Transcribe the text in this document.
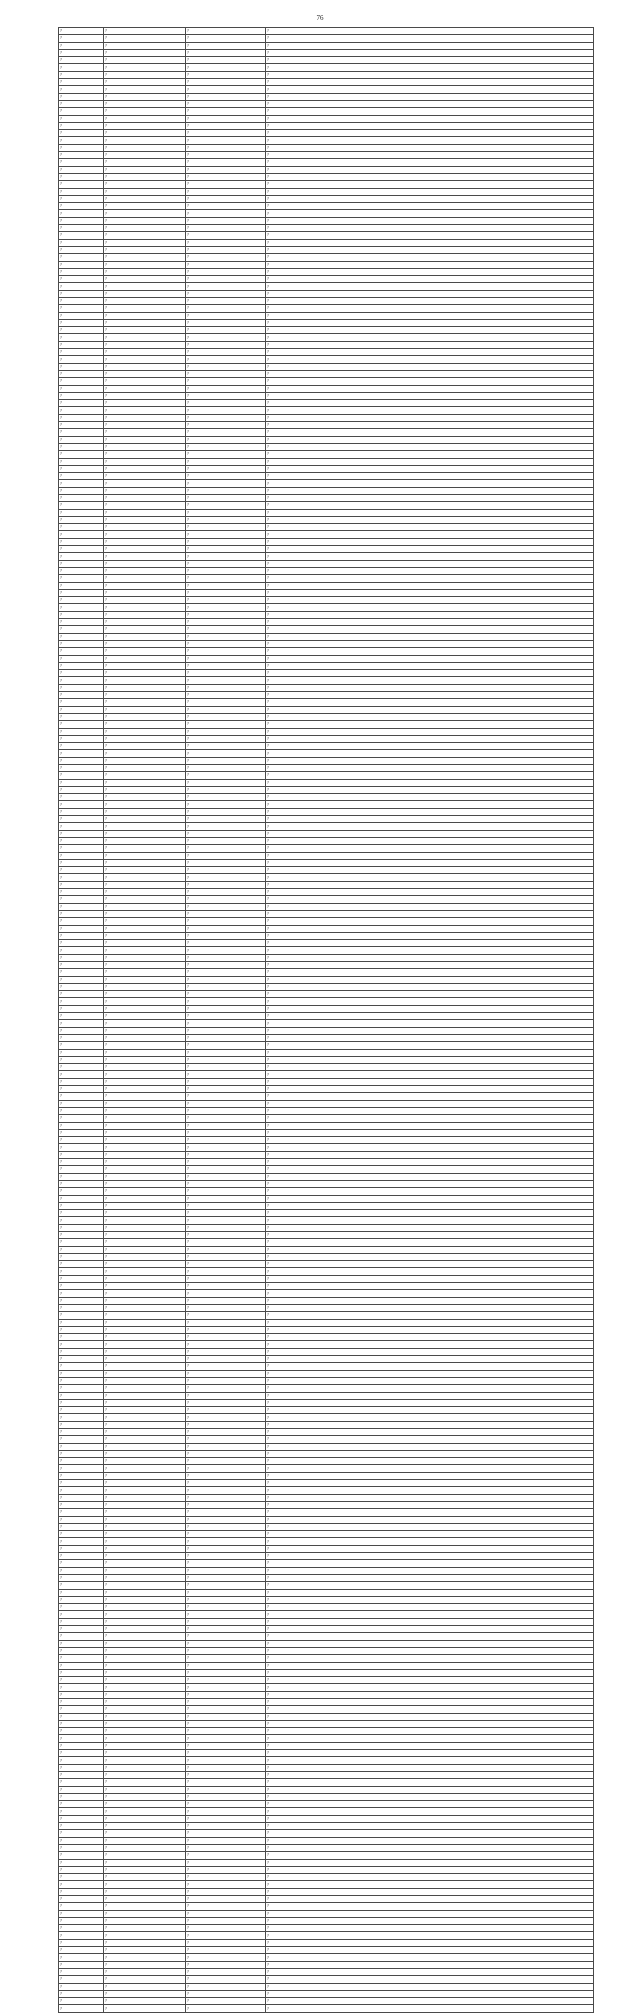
76
?	?	?	?
?	?	?	?
?	?	?	?
?	?	?	?
?	?	?	?
?	?	?	?
?	?	?	?
?	?	?	?
?	?	?	?
?	?	?	?
?	?	?	?
?	?	?	?
?	?	?	?
?	?	?	?
?	?	?	?
?	?	?	?
?	?	?	?
?	?	?	?
?	?	?	?
?	?	?	?
?	?	?	?
?	?	?	?
?	?	?	?
?	?	?	?
?	?	?	?
?	?	?	?
?	?	?	?
?	?	?	?
?	?	?	?
?	?	?	?
?	?	?	?
?	?	?	?
?	?	?	?
?	?	?	?
?	?	?	?
?	?	?	?
?	?	?	?
?	?	?	?
?	?	?	?
?	?	?	?
?	?	?	?
?	?	?	?
?	?	?	?
?	?	?	?
?	?	?	?
?	?	?	?
?	?	?	?
?	?	?	?
?	?	?	?
?	?	?	?
?	?	?	?
?	?	?	?
?	?	?	?
?	?	?	?
?	?	?	?
?	?	?	?
?	?	?	?
?	?	?	?
?	?	?	?
?	?	?	?
?	?	?	?
?	?	?	?
?	?	?	?
?	?	?	?
?	?	?	?
?	?	?	?
?	?	?	?
?	?	?	?
?	?	?	?
?	?	?	?
?	?	?	?
?	?	?	?
?	?	?	?
?	?	?	?
?	?	?	?
?	?	?	?
?	?	?	?
?	?	?	?
?	?	?	?
?	?	?	?
?	?	?	?
?	?	?	?
?	?	?	?
?	?	?	?
?	?	?	?
?	?	?	?
?	?	?	?
?	?	?	?
?	?	?	?
?	?	?	?
?	?	?	?
?	?	?	?
?	?	?	?
?	?	?	?
?	?	?	?
?	?	?	?
?	?	?	?
?	?	?	?
?	?	?	?
?	?	?	?
?	?	?	?
?	?	?	?
?	?	?	?
?	?	?	?
?	?	?	?
?	?	?	?
?	?	?	?
?	?	?	?
?	?	?	?
?	?	?	?
?	?	?	?
?	?	?	?
?	?	?	?
?	?	?	?
?	?	?	?
?	?	?	?
?	?	?	?
?	?	?	?
?	?	?	?
?	?	?	?
?	?	?	?
?	?	?	?
?	?	?	?
?	?	?	?
?	?	?	?
?	?	?	?
?	?	?	?
?	?	?	?
?	?	?	?
?	?	?	?
?	?	?	?
?	?	?	?
?	?	?	?
?	?	?	?
?	?	?	?
?	?	?	?
?	?	?	?
?	?	?	?
?	?	?	?
?	?	?	?
?	?	?	?
?	?	?	?
?	?	?	?
?	?	?	?
?	?	?	?
?	?	?	?
?	?	?	?
?	?	?	?
?	?	?	?
?	?	?	?
?	?	?	?
?	?	?	?
?	?	?	?
?	?	?	?
?	?	?	?
?	?	?	?
?	?	?	?
?	?	?	?
?	?	?	?
?	?	?	?
?	?	?	?
?	?	?	?
?	?	?	?
?	?	?	?
?	?	?	?
?	?	?	?
?	?	?	?
?	?	?	?
?	?	?	?
?	?	?	?
?	?	?	?
?	?	?	?
?	?	?	?
?	?	?	?
?	?	?	?
?	?	?	?
?	?	?	?
?	?	?	?
?	?	?	?
?	?	?	?
?	?	?	?
?	?	?	?
?	?	?	?
?	?	?	?
?	?	?	?
?	?	?	?
?	?	?	?
?	?	?	?
?	?	?	?
?	?	?	?
?	?	?	?
?	?	?	?
?	?	?	?
?	?	?	?
?	?	?	?
?	?	?	?
?	?	?	?
?	?	?	?
?	?	?	?
?	?	?	?
?	?	?	?
?	?	?	?
?	?	?	?
?	?	?	?
?	?	?	?
?	?	?	?
?	?	?	?
?	?	?	?
?	?	?	?
?	?	?	?
?	?	?	?
?	?	?	?
?	?	?	?
?	?	?	?
?	?	?	?
?	?	?	?
?	?	?	?
?	?	?	?
?	?	?	?
?	?	?	?
?	?	?	?
?	?	?	?
?	?	?	?
?	?	?	?
?	?	?	?
?	?	?	?
?	?	?	?
?	?	?	?
?	?	?	?
?	?	?	?
?	?	?	?
?	?	?	?
?	?	?	?
?	?	?	?
?	?	?	?
?	?	?	?
?	?	?	?
?	?	?	?
?	?	?	?
?	?	?	?
?	?	?	?
?	?	?	?
?	?	?	?
?	?	?	?
?	?	?	?
?	?	?	?
?	?	?	?
?	?	?	?
?	?	?	?
?	?	?	?
?	?	?	?
?	?	?	?
?	?	?	?
?	?	?	?
?	?	?	?
?	?	?	?
?	?	?	?
?	?	?	?
?	?	?	?
?	?	?	?
?	?	?	?
?	?	?	?
?	?	?	?
?	?	?	?
?	?	?	?
?	?	?	?
?	?	?	?
?	?	?	?
?	?	?	?
?	?	?	?
?	?	?	?
?	?	?	?
